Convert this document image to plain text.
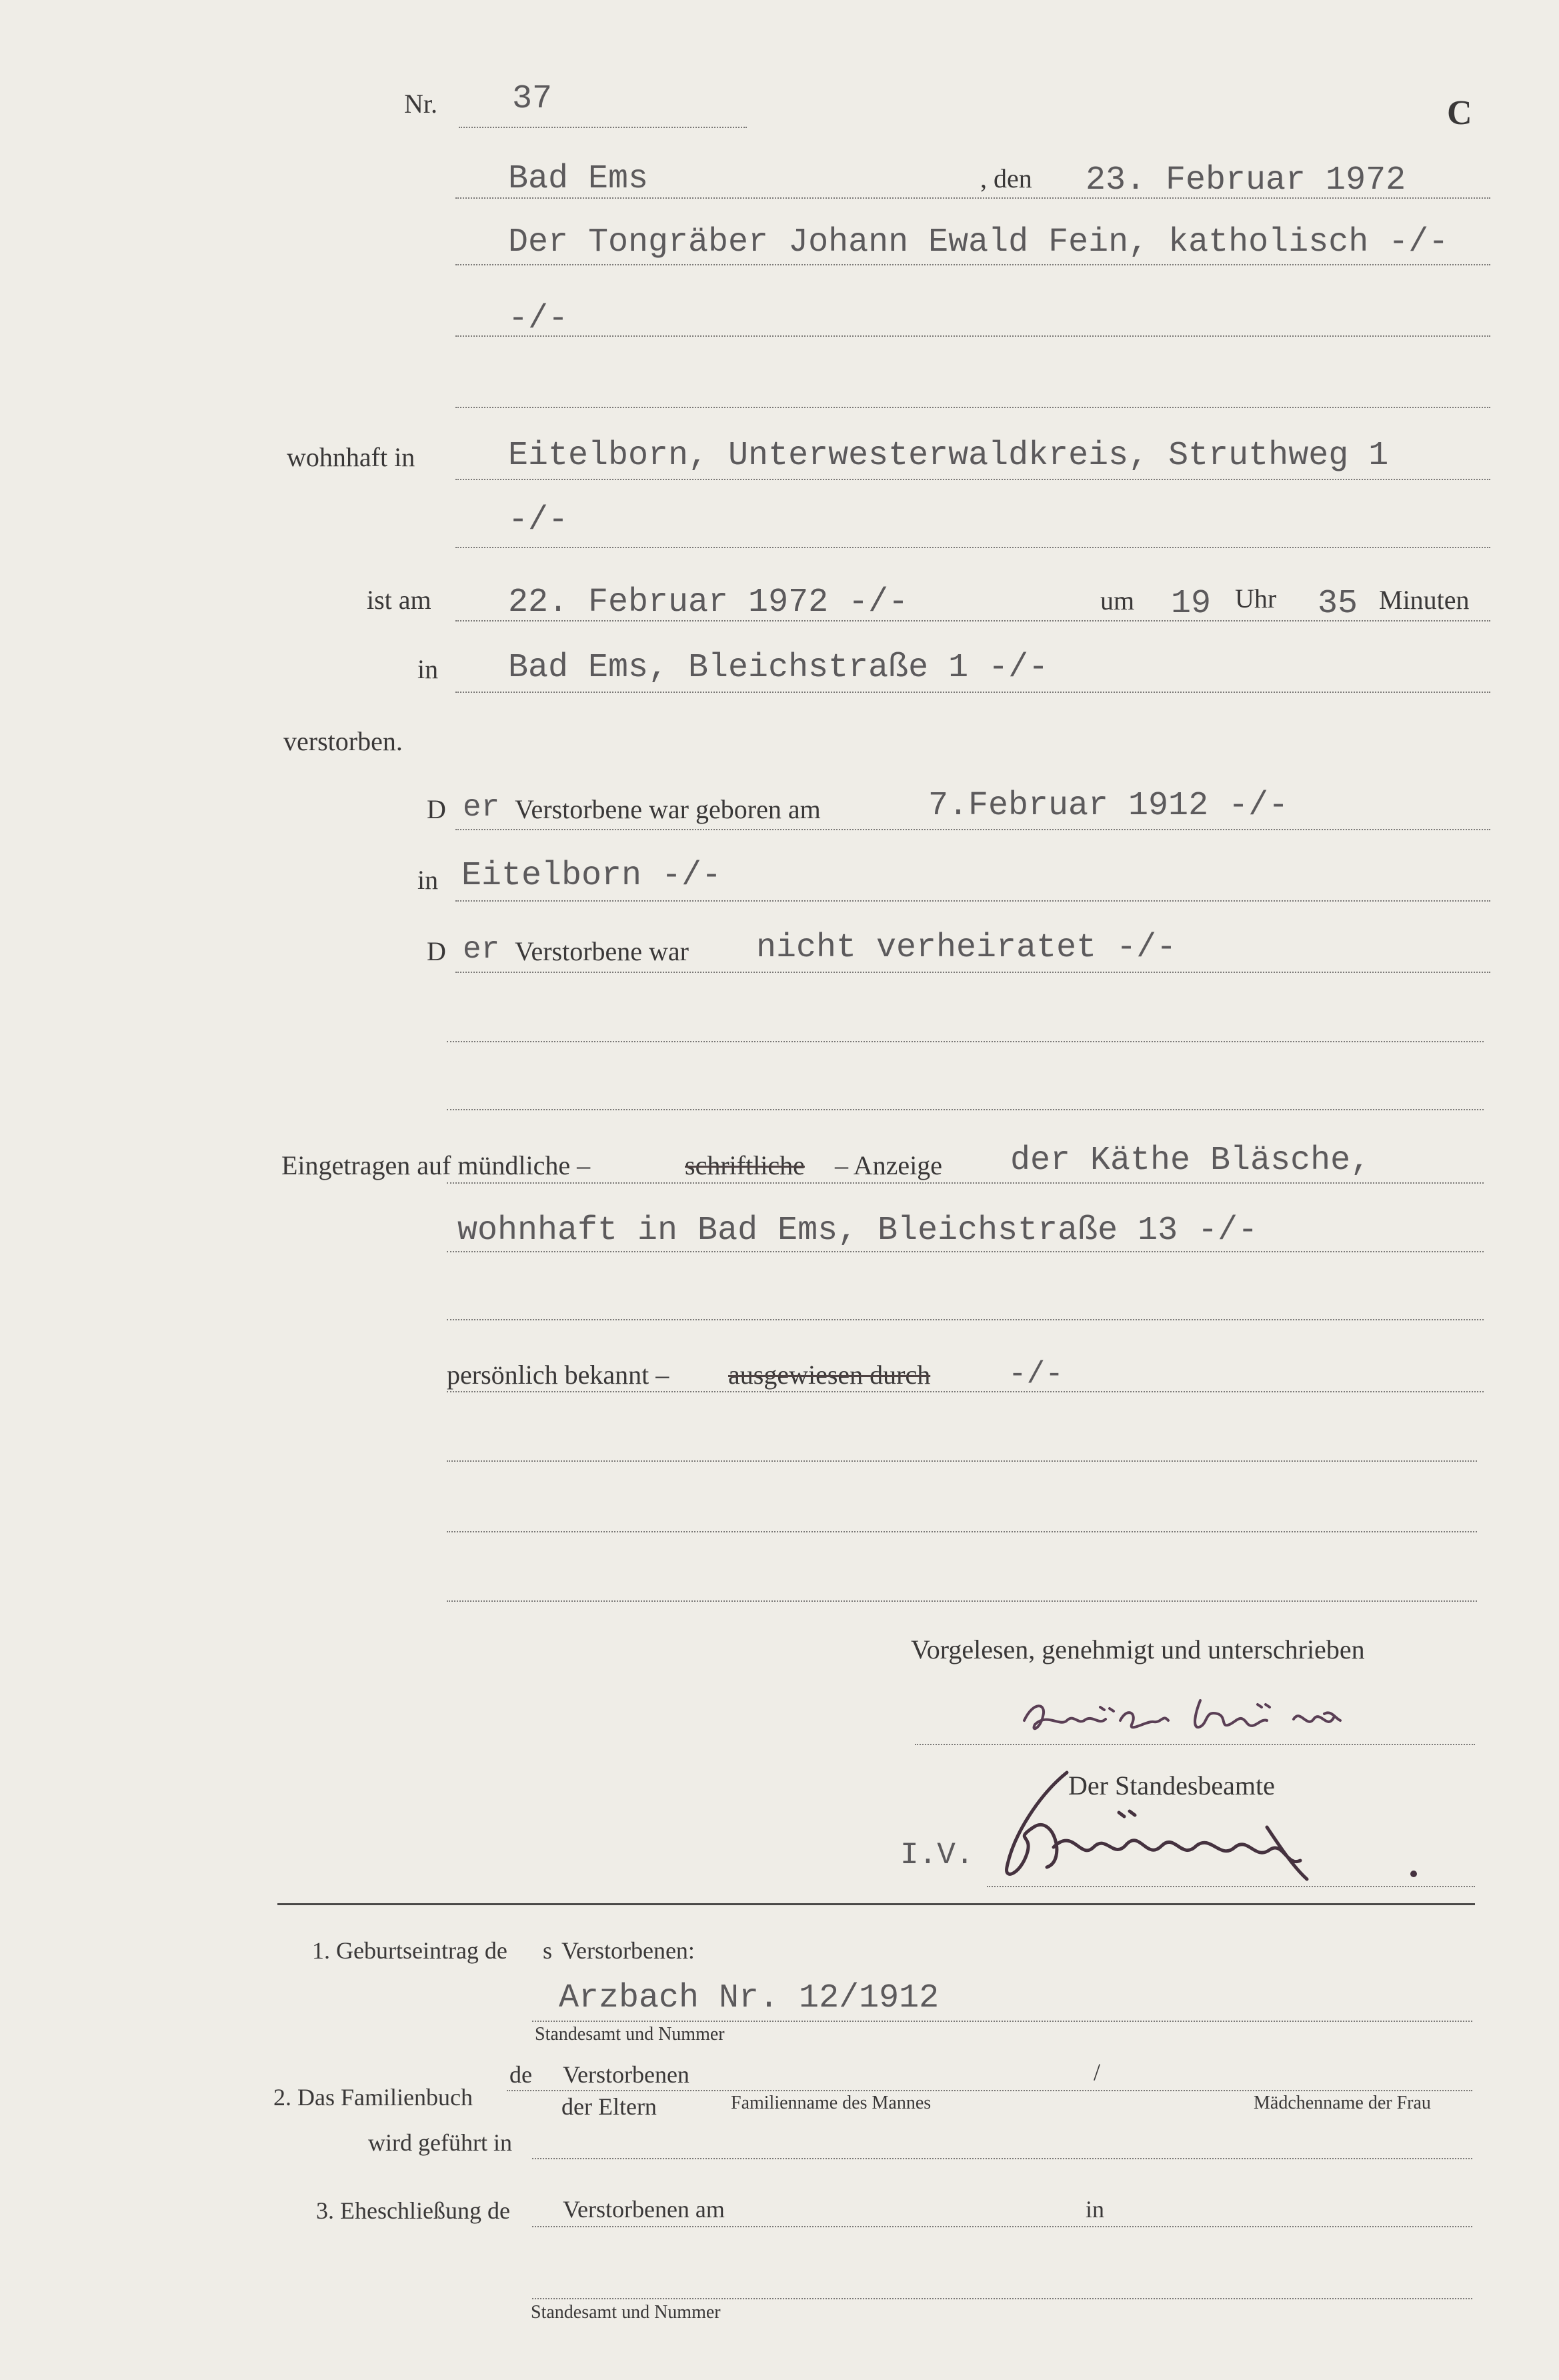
Nr. 37	C
Bad Ems	, den 23. Februar 1972
Der Tongräber Johann Ewald Fein, katholisch -/-
-/-
wohnhaft in	Eitelborn, Unterwesterwaldkreis, Struthweg 1
-/-
ist am 22. Februar 1972 -/-	um 19 Uhr 35 Minuten
in Bad Ems, Bleichstraße 1 -/-
verstorben.
D er Verstorbene war geboren am	7.Februar 1912 -/-
in Eitelborn -/-
D er Verstorbene war nicht verheiratet -/-
Eingetragen auf mündliche –	schriftliche – Anzeige der Käthe Bläsche,
wohnhaft in Bad Ems, Bleichstraße 13 -/-
persönlich bekannt – ausgewiesen durch	-/-
Vorgelesen, genehmigt und unterschrieben
Der Standesbeamte
I.V.
1. Geburtseintrag de s Verstorbenen:
Arzbach Nr. 12/1912
Standesamt und Nummer
2. Das Familienbuch
de Verstorbenen	/
der Eltern	Familienname des Mannes	Mädchenname der Frau
wird geführt in
3. Eheschließung de Verstorbenen am	in
Standesamt und Nummer
